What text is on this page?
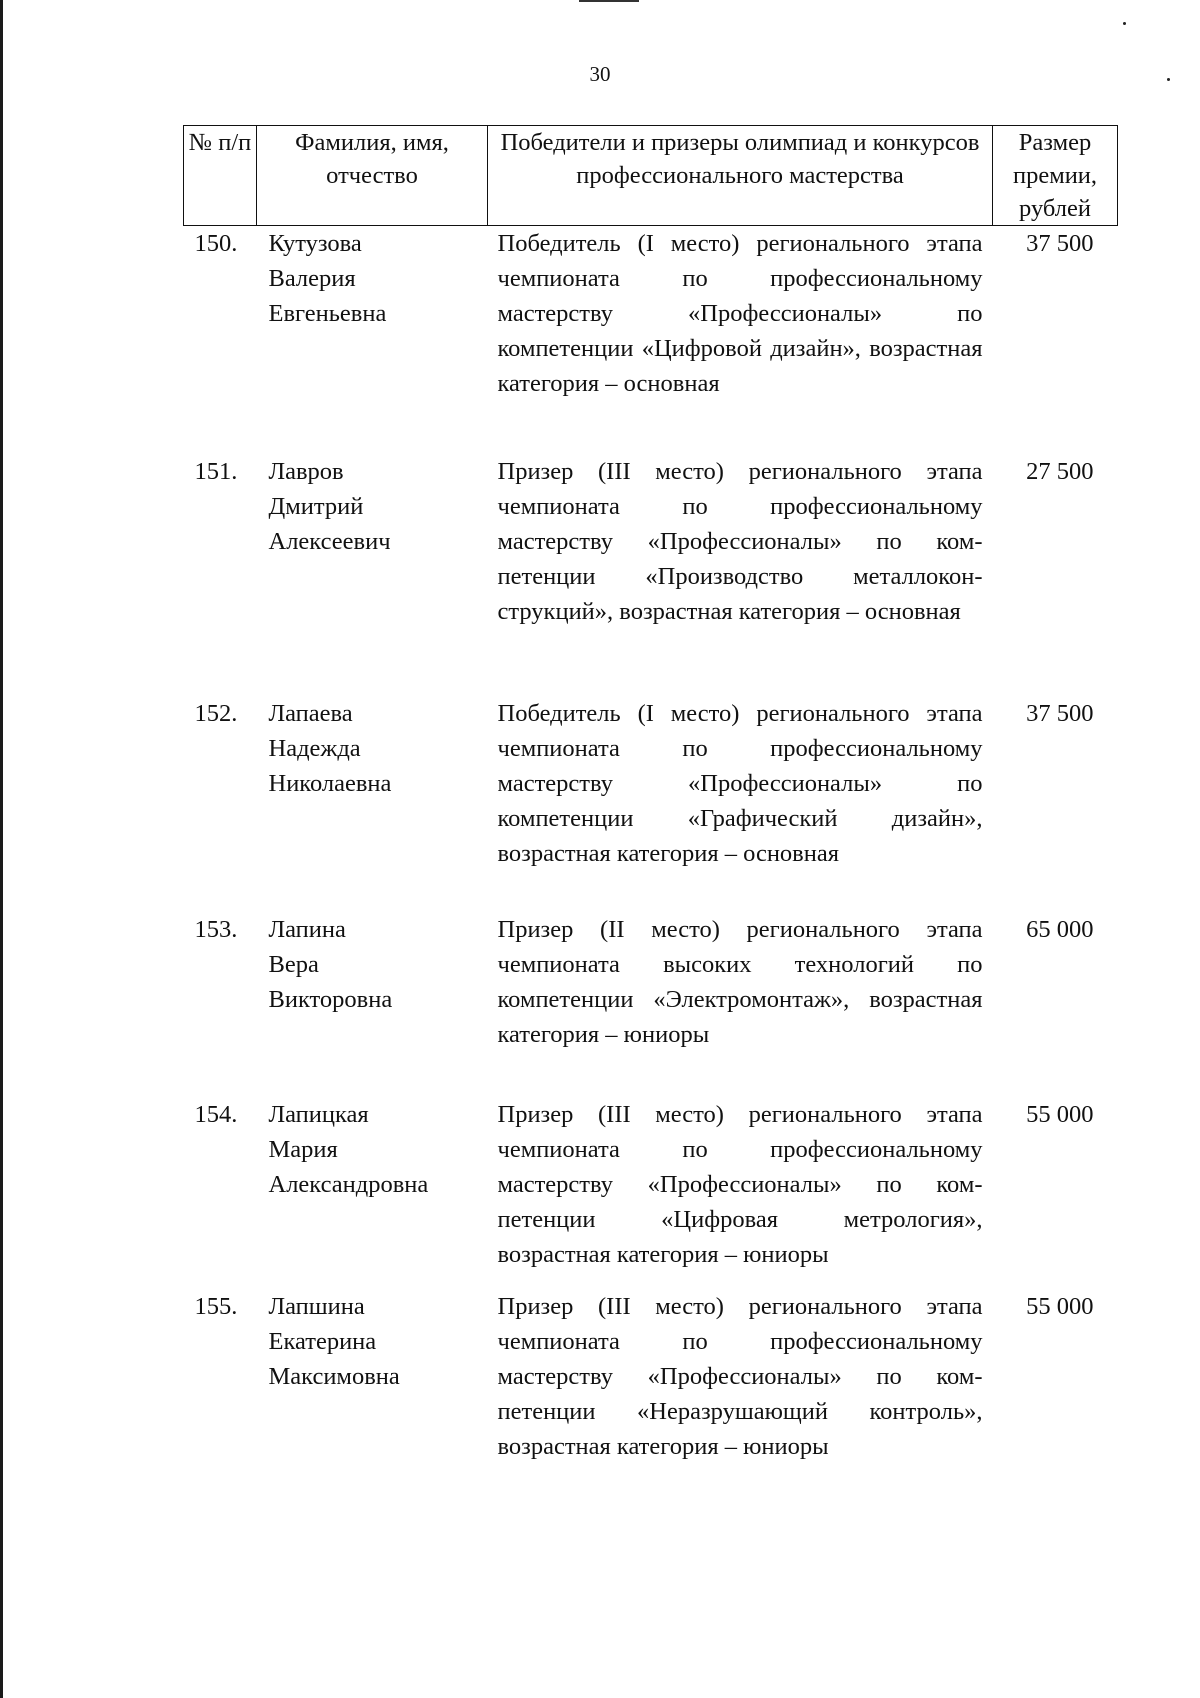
30
№ п/п	Фамилия, имя, отчество	Победители и призеры олимпиад и конкурсов профессионального мастерства	Размер премии, рублей
150.	Кутузова
Валерия
Евгеньевна	Победитель (I место) регионального этапа чемпионата по профессиональному мастерству «Профессионалы» по компетенции «Цифровой дизайн», возрастная категория – основная	37 500
151.	Лавров
Дмитрий
Алексеевич	Призер (III место) регионального этапа чемпионата по профессиональному мастерству «Профессионалы» по компетенции «Производство металлоконструкций», возрастная категория – основная	27 500
152.	Лапаева
Надежда
Николаевна	Победитель (I место) регионального этапа чемпионата по профессиональному мастерству «Профессионалы» по компетенции «Графический дизайн», возрастная категория – основная	37 500
153.	Лапина
Вера
Викторовна	Призер (II место) регионального этапа чемпионата высоких технологий по компетенции «Электромонтаж», возрастная категория – юниоры	65 000
154.	Лапицкая
Мария
Александровна	Призер (III место) регионального этапа чемпионата по профессиональному мастерству «Профессионалы» по компетенции «Цифровая метрология», возрастная категория – юниоры	55 000
155.	Лапшина
Екатерина
Максимовна	Призер (III место) регионального этапа чемпионата по профессиональному мастерству «Профессионалы» по компетенции «Неразрушающий контроль», возрастная категория – юниоры	55 000
